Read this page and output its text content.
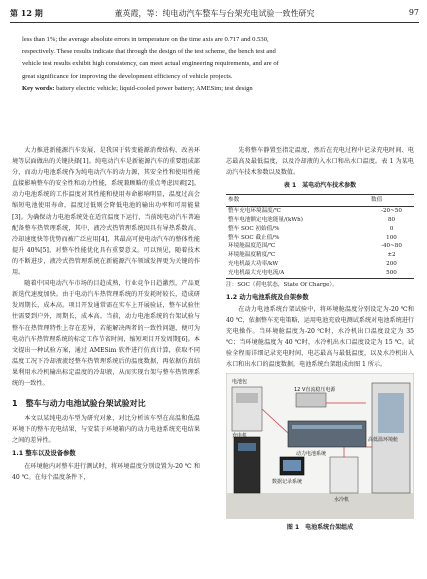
第 12 期	董英霞，等：纯电动汽车整车与台架充电试验一致性研究	97
less than 1%; the average absolute errors in temperature on the time axis are 0.717 and 0.530,
respectively. These results indicate that through the design of the test scheme, the bench test and
vehicle test results exhibit high consistency, can meet actual engineering requirements, and are of
great significance for improving the development efficiency of vehicle projects.
Key words: battery electric vehicle; liquid-cooled power battery; AMESim; test design

大力推进新能源汽车发展，是我国于转变能源消费结构、改善环境等层面做出的关键抉择[1]。纯电动汽车是新能源汽车的重要组成部分，而动力电池系统作为纯电动汽车的动力源，其安全性和使用性能直接影响整车的安全性和动力性能，系统兼顾略的重点考虑因素[2]。动力电池系统的工作温度对其性能和使用寿命影响明显，温度过高会缩短电池使用寿命，温度过低则会降低电池的输出功率和可用能量[3]。为确保动力电池系统处在适宜温度下运行，当前纯电动汽车普遍配备整车热管理系统，其中，液冷式热管理系统因具有导热系数高、冷却速度快等优势而被广泛应用[4]，其最高可使电动汽车的整体性能提升 40%[5]，对整车性能优化具有重要意义。可以预见，随着技术的不断进步，液冷式热管理系统在新能源汽车领域发挥更为关键的作用。

随着中国电动汽车市场的目趋成熟，行业竞争日趋激烈，产品更新迭代速度加快。由于电动汽车热管理系统的开发耗时较长，造成研发周期长、成本高。项目开发通常需在实车上开展验证，整车试验往往需要到户外，周期长，成本高。当前，动力电池系统的台架试验与整车在热管理特性上存在差异，若能解决两者的一致性问题，便可为电动汽车热管理系统的标定工作节省时间，缩短项目开发周期[6]。本文提出一种试验方案，通过 AMESim 软件进行仿真计算，获取不同温度工况下冷却液流经整车热管理系统后的温度数据，再依据仿真结果利用水冷机输出标定温度的冷却液，从而实现台架与整车热管理系统的一致性。

1　整车与动力电池试验台架试验对比

本文以某纯电动车型为研究对象，对比分析该车型在高温和低温环境下的整车充电结果，与安装于环境箱内的动力电池系统充电结果之间的差异性。

1.1 整车以及设备参数

在环境舱内对整车进行测试时，将环境温度分别设置为-20 ℃ 和 40 ℃。在每个温度条件下，

先将整车静置至指定温度，然后在充电过程中记录充电时间、电芯最高及最低温度，以及冷却液的入水口和出水口温度。表 1 为某电动汽车技术参数以及数值。

表 1　某电动汽车技术参数
参数	数值
整车充电环境温度/℃	-20~50
整车电池额定电池能量/(kWh)	80
整车 SOC 初始值/%	0
整车 SOC 截止值/%	100
环境舱温度范围/℃	-40~80
环境舱温度精度/℃	±2
充电机最大功率/kW	200
充电机最大充电电流/A	500
注：SOC（荷电状态，State Of Charge）。
1.2 动力电池系统及台架参数

在动力电池系统台架试验中，将环境舱温度分别设定为-20 ℃和 40 ℃，依据整车充电策略，运用电池充放电测试系统对电池系统进行充电操作。当环境舱温度为-20 ℃时，水冷机出口温度设定为 35 ℃；当环境舱温度为 40 ℃时，水冷机出水口温度设定为 15 ℃。试验全程需详细记录充电时间、电芯最高与最低温度，以及水冷机出入水口和出水口的温度数据。电池系统台架组成由图 1 所示。

电池包
充电机
12 V直流稳压电源
动力电池系统
数据记录系统
高低温环境舱
水冷机
图 1　电池系统台架组成
